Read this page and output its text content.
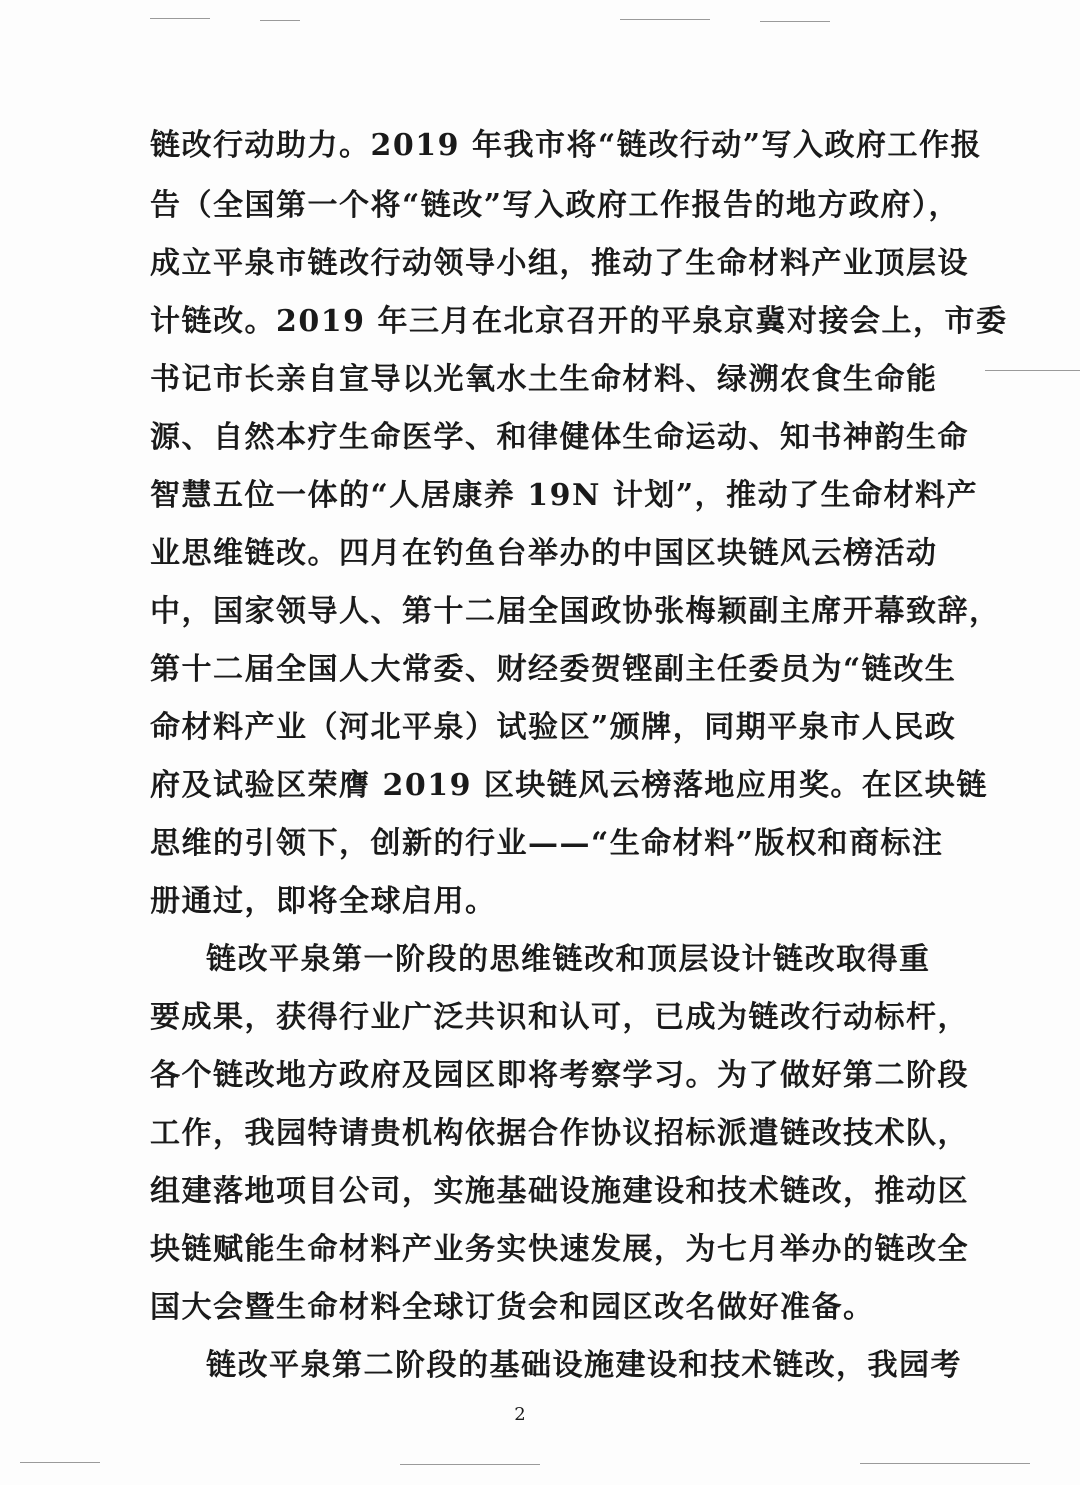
链改行动助力。2019 年我市将“链改行动”写入政府工作报
告（全国第一个将“链改”写入政府工作报告的地方政府），
成立平泉市链改行动领导小组，推动了生命材料产业顶层设
计链改。2019 年三月在北京召开的平泉京冀对接会上，市委
书记市长亲自宣导以光氧水土生命材料、绿溯农食生命能
源、自然本疗生命医学、和律健体生命运动、知书神韵生命
智慧五位一体的“人居康养 19N 计划”，推动了生命材料产
业思维链改。四月在钓鱼台举办的中国区块链风云榜活动
中，国家领导人、第十二届全国政协张梅颖副主席开幕致辞，
第十二届全国人大常委、财经委贺铿副主任委员为“链改生
命材料产业（河北平泉）试验区”颁牌，同期平泉市人民政
府及试验区荣膺 2019 区块链风云榜落地应用奖。在区块链
思维的引领下，创新的行业——“生命材料”版权和商标注
册通过，即将全球启用。
链改平泉第一阶段的思维链改和顶层设计链改取得重
要成果，获得行业广泛共识和认可，已成为链改行动标杆，
各个链改地方政府及园区即将考察学习。为了做好第二阶段
工作，我园特请贵机构依据合作协议招标派遣链改技术队，
组建落地项目公司，实施基础设施建设和技术链改，推动区
块链赋能生命材料产业务实快速发展，为七月举办的链改全
国大会暨生命材料全球订货会和园区改名做好准备。
链改平泉第二阶段的基础设施建设和技术链改，我园考
2
